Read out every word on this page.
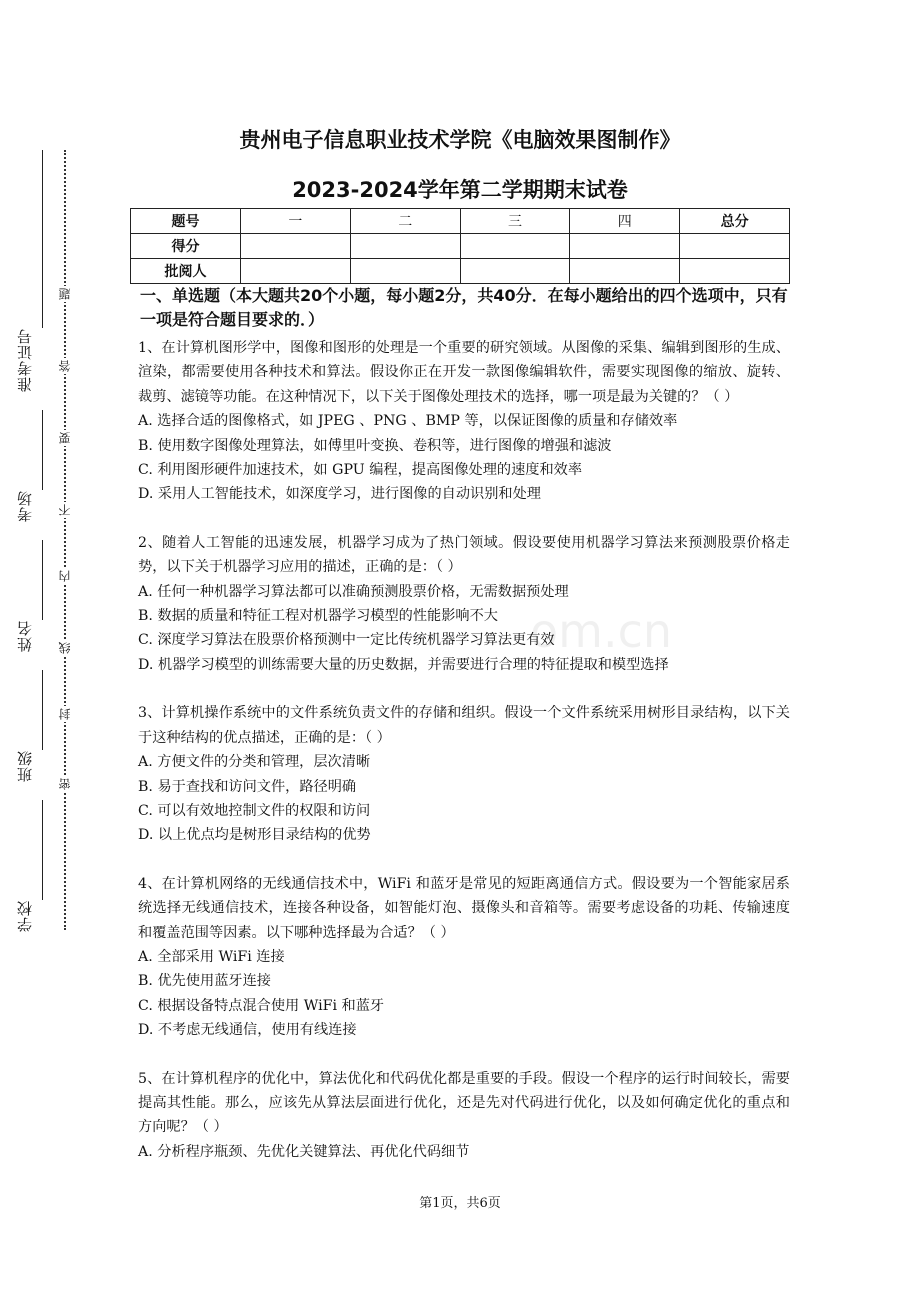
题
答
要
不
内
线
封
密
准考证号
考场
姓名
班级
学校
贵州电子信息职业技术学院《电脑效果图制作》
2023-2024学年第二学期期末试卷
题号	一	二	三	四	总分
得分					
批阅人					
一、单选题（本大题共20个小题，每小题2分，共40分．在每小题给出的四个选项中，只有一项是符合题目要求的．）
1、在计算机图形学中，图像和图形的处理是一个重要的研究领域。从图像的采集、编辑到图形的生成、渲染，都需要使用各种技术和算法。假设你正在开发一款图像编辑软件，需要实现图像的缩放、旋转、裁剪、滤镜等功能。在这种情况下，以下关于图像处理技术的选择，哪一项是最为关键的？（ ）
A. 选择合适的图像格式，如 JPEG 、PNG 、BMP 等，以保证图像的质量和存储效率
B. 使用数字图像处理算法，如傅里叶变换、卷积等，进行图像的增强和滤波
C. 利用图形硬件加速技术，如 GPU 编程，提高图像处理的速度和效率
D. 采用人工智能技术，如深度学习，进行图像的自动识别和处理
2、随着人工智能的迅速发展，机器学习成为了热门领域。假设要使用机器学习算法来预测股票价格走势，以下关于机器学习应用的描述，正确的是：（ ）
A. 任何一种机器学习算法都可以准确预测股票价格，无需数据预处理
B. 数据的质量和特征工程对机器学习模型的性能影响不大
C. 深度学习算法在股票价格预测中一定比传统机器学习算法更有效
D. 机器学习模型的训练需要大量的历史数据，并需要进行合理的特征提取和模型选择
3、计算机操作系统中的文件系统负责文件的存储和组织。假设一个文件系统采用树形目录结构，以下关于这种结构的优点描述，正确的是：（ ）
A. 方便文件的分类和管理，层次清晰
B. 易于查找和访问文件，路径明确
C. 可以有效地控制文件的权限和访问
D. 以上优点均是树形目录结构的优势
4、在计算机网络的无线通信技术中，WiFi 和蓝牙是常见的短距离通信方式。假设要为一个智能家居系统选择无线通信技术，连接各种设备，如智能灯泡、摄像头和音箱等。需要考虑设备的功耗、传输速度和覆盖范围等因素。以下哪种选择最为合适？（ ）
A. 全部采用 WiFi 连接
B. 优先使用蓝牙连接
C. 根据设备特点混合使用 WiFi 和蓝牙
D. 不考虑无线通信，使用有线连接
5、在计算机程序的优化中，算法优化和代码优化都是重要的手段。假设一个程序的运行时间较长，需要提高其性能。那么，应该先从算法层面进行优化，还是先对代码进行优化，以及如何确定优化的重点和方向呢？（ ）
A. 分析程序瓶颈、先优化关键算法、再优化代码细节
om.cn
第1页，共6页
